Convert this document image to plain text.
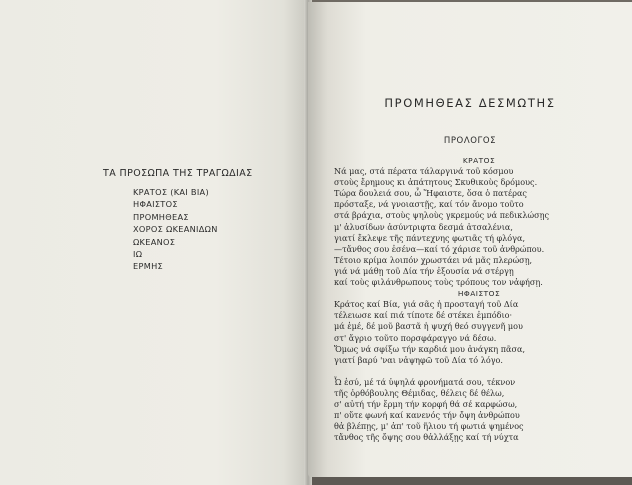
ΤΑ ΠΡΟΣΩΠΑ ΤΗΣ ΤΡΑΓΩΔΙΑΣ
ΚΡΑΤΟΣ (ΚΑΙ ΒΙΑ)
ΗΦΑΙΣΤΟΣ
ΠΡΟΜΗΘΕΑΣ
ΧΟΡΟΣ ΩΚΕΑΝΙΔΩΝ
ΩΚΕΑΝΟΣ
ΙΩ
ΕΡΜΗΣ
ΠΡΟΜΗΘΕΑΣ ΔΕΣΜΩΤΗΣ
ΠΡΟΛΟΓΟΣ
ΚΡΑΤΟΣ
Νά μας, στά πέρατα τάλαργινά τοῦ κόσμου
στοὺς ἔρημους κι ἀπάτητους Σκυθικοὺς δρόμους.
Τώρα δουλειά σου, ὦ Ἥφαιστε, ὅσα ὁ πατέρας
πρόσταξε, νά γνοιαστῇς, καί τόν ἄνομο τοῦτο
στά βράχια, στοὺς ψηλοὺς γκρεμούς νά πεδικλώσῃς
μ' ἀλυσίδων ἀσύντριφτα δεσμά ἀτσαλένια,
γιατί ἔκλεψε τῆς πάντεχνης φωτιᾶς τή φλόγα,
—τἄνθος σου ἐσένα—καί τό χάρισε τοῦ ἀνθρώπου.
Τέτοιο κρίμα λοιπόν χρωστάει νά μᾶς πλερώσῃ,
γιά νά μάθῃ τοῦ Δία τήν ἐξουσία νά στέργῃ
καί τοὺς φιλάνθρωπους τοὺς τρόπους τον νἀφήσῃ.
ΗΦΑΙΣΤΟΣ
Κράτος καί Βία, γιά σᾶς ἡ προσταγή τοῦ Δία
τέλειωσε καί πιά τίποτε δέ στέκει ἐμπόδιο·
μά ἐμέ, δέ μοῦ βαστᾶ ἡ ψυχή θεό συγγενῆ μου
στ' ἄγριο τοῦτο πορσφάραγγο νά δέσω.
Ὅμως νά σφίξω τήν καρδιά μου ἀνάγκη πᾶσα,
γιατί βαρύ 'ναι νἀψηφῶ τοῦ Δία τό λόγο.
Ὦ ἐσύ, μέ τά ὑψηλά φρονήματά σου, τέκνον
τῆς ὀρθόβουλης Θέμιδας, θέλεις δέ θέλω,
σ' αὐτή τήν ἔρμη τήν κορφή θά σέ καρφώσω,
π' οὔτε φωνή καί κανενός τήν ὄψη ἀνθρώπου
θἀ βλέπῃς, μ' ἀπ' τοῦ ἥλιου τή φωτιά ψημένος
τἄνθος τῆς ὄψης σου θἀλλάξῃς καί τή νύχτα
